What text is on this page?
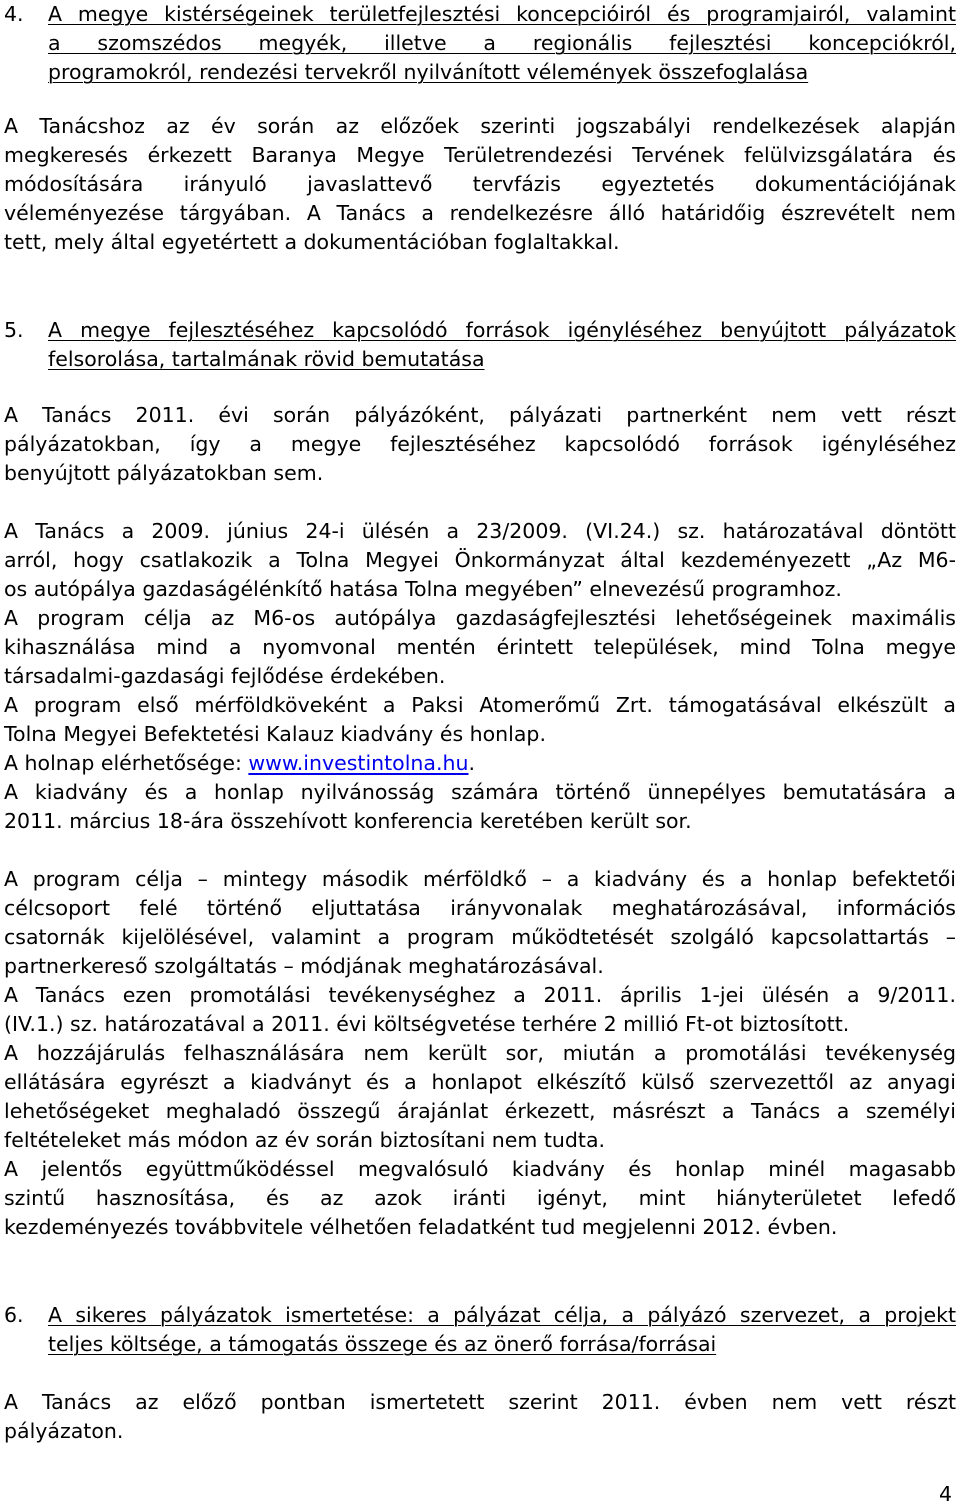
4.	A megye kistérségeinek területfejlesztési koncepcióiról és programjairól, valamint
a szomszédos megyék, illetve a regionális fejlesztési koncepciókról,
programokról, rendezési tervekről nyilvánított vélemények összefoglalása
A Tanácshoz az év során az előzőek szerinti jogszabályi rendelkezések alapján
megkeresés érkezett Baranya Megye Területrendezési Tervének felülvizsgálatára és
módosítására irányuló javaslattevő tervfázis egyeztetés dokumentációjának
véleményezése tárgyában. A Tanács a rendelkezésre álló határidőig észrevételt nem
tett, mely által egyetértett a dokumentációban foglaltakkal.
5.	A megye fejlesztéséhez kapcsolódó források igényléséhez benyújtott pályázatok
felsorolása, tartalmának rövid bemutatása
A Tanács 2011. évi során pályázóként, pályázati partnerként nem vett részt
pályázatokban, így a megye fejlesztéséhez kapcsolódó források igényléséhez
benyújtott pályázatokban sem.
A Tanács a 2009. június 24-i ülésén a 23/2009. (VI.24.) sz. határozatával döntött
arról, hogy csatlakozik a Tolna Megyei Önkormányzat által kezdeményezett „Az M6-
os autópálya gazdaságélénkítő hatása Tolna megyében” elnevezésű programhoz.
A program célja az M6-os autópálya gazdaságfejlesztési lehetőségeinek maximális
kihasználása mind a nyomvonal mentén érintett települések, mind Tolna megye
társadalmi-gazdasági fejlődése érdekében.
A program első mérföldköveként a Paksi Atomerőmű Zrt. támogatásával elkészült a
Tolna Megyei Befektetési Kalauz kiadvány és honlap.
A holnap elérhetősége: www.investintolna.hu.
A kiadvány és a honlap nyilvánosság számára történő ünnepélyes bemutatására a
2011. március 18-ára összehívott konferencia keretében került sor.
A program célja – mintegy második mérföldkő – a kiadvány és a honlap befektetői
célcsoport felé történő eljuttatása irányvonalak meghatározásával, információs
csatornák kijelölésével, valamint a program működtetését szolgáló kapcsolattartás –
partnerkereső szolgáltatás – módjának meghatározásával.
A Tanács ezen promotálási tevékenységhez a 2011. április 1-jei ülésén a 9/2011.
(IV.1.) sz. határozatával a 2011. évi költségvetése terhére 2 millió Ft-ot biztosított.
A hozzájárulás felhasználására nem került sor, miután a promotálási tevékenység
ellátására egyrészt a kiadványt és a honlapot elkészítő külső szervezettől az anyagi
lehetőségeket meghaladó összegű árajánlat érkezett, másrészt a Tanács a személyi
feltételeket más módon az év során biztosítani nem tudta.
A jelentős együttműködéssel megvalósuló kiadvány és honlap minél magasabb
szintű hasznosítása, és az azok iránti igényt, mint hiányterületet lefedő
kezdeményezés továbbvitele vélhetően feladatként tud megjelenni 2012. évben.
6.	A sikeres pályázatok ismertetése: a pályázat célja, a pályázó szervezet, a projekt
teljes költsége, a támogatás összege és az önerő forrása/forrásai
A Tanács az előző pontban ismertetett szerint 2011. évben nem vett részt
pályázaton.
4
